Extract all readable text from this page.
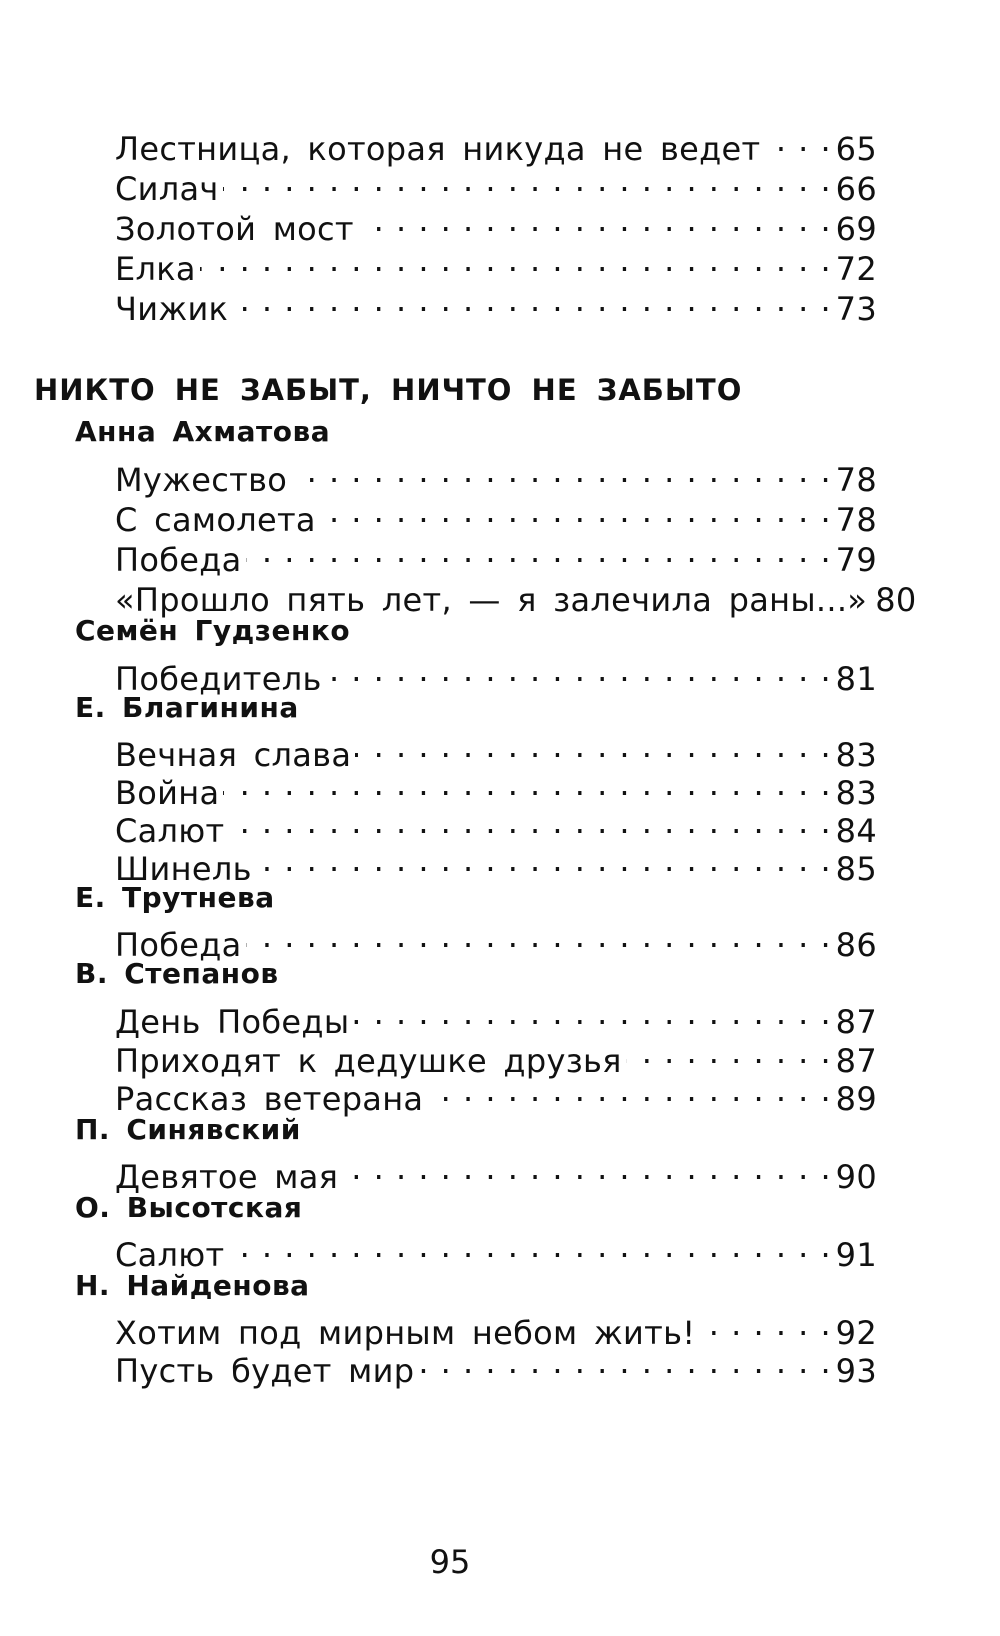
Лестница, которая никуда не ведет . . . 65
Силач . . .	66
Золотой мост . . .	69
Елка . . .	72
Чижик . . .	73
НИКТО НЕ ЗАБЫТ, НИЧТО НЕ ЗАБЫТО
Анна Ахматова
Мужество . . .	78
С самолета . . .	78
Победа . . .	79
«Прошло пять лет, — я залечила раны...» 80
Семён Гудзенко
Победитель . . .	81
Е. Благинина
Вечная слава . . .	83
Война . . .	83
Салют . . .	84
Шинель . . .	85
Е. Трутнева
Победа . . .	86
В. Степанов
День Победы . . .	87
Приходят к дедушке друзья . . .	87
Рассказ ветерана . . .	89
П. Синявский
Девятое мая . . .	90
О. Высотская
Салют . . .	91
Н. Найденова
Хотим под мирным небом жить! . . .	92
Пусть будет мир . . .	93
95
